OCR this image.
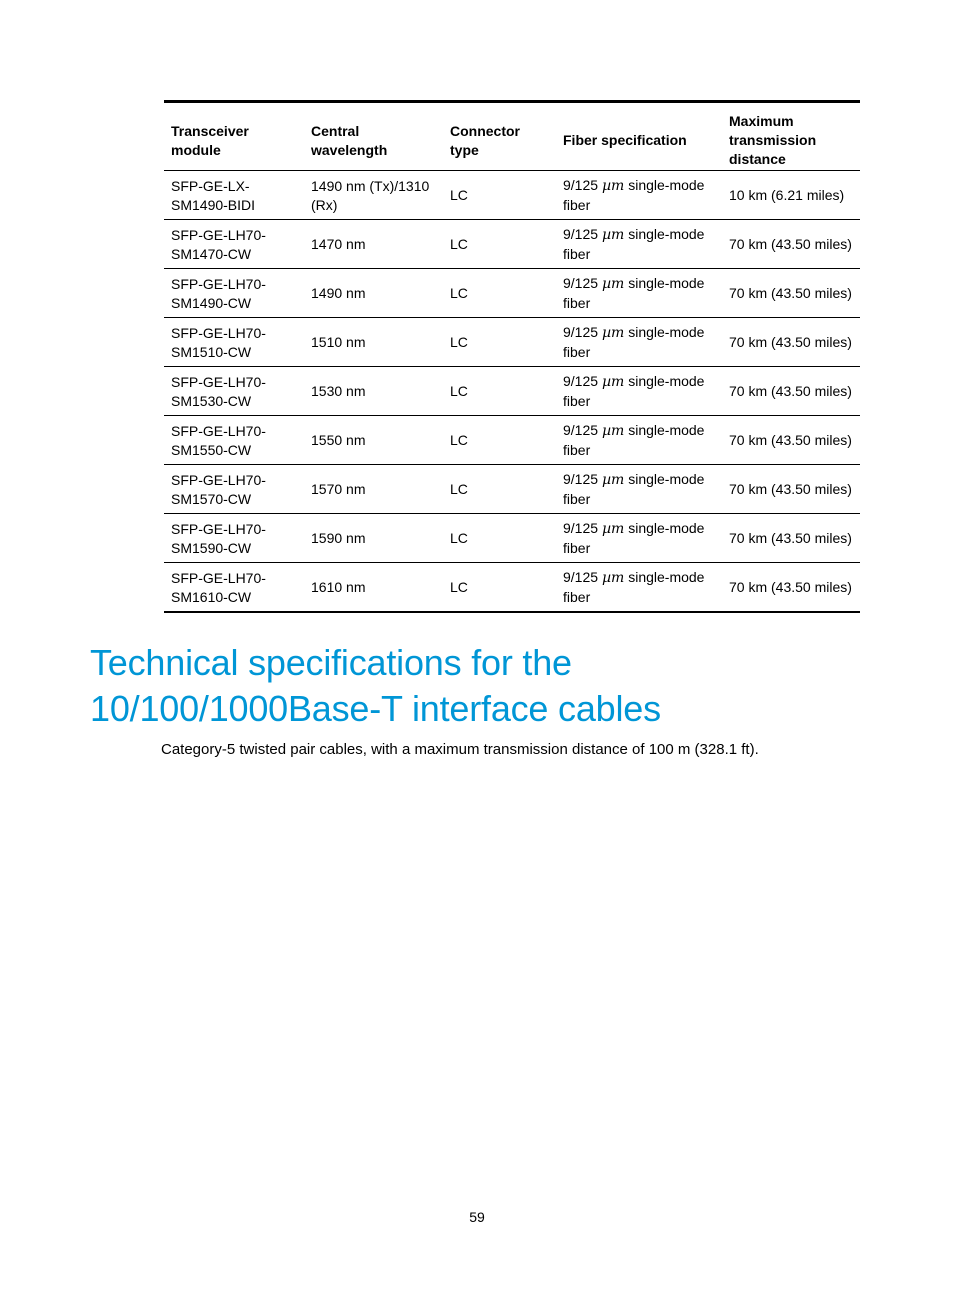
Transceiver module	Central wavelength	Connector type	Fiber specification	Maximum transmission distance
SFP-GE-LX-SM1490-BIDI	1490 nm (Tx)/1310 (Rx)	LC	9/125 µm single-mode fiber	10 km (6.21 miles)
SFP-GE-LH70-SM1470-CW	1470 nm	LC	9/125 µm single-mode fiber	70 km (43.50 miles)
SFP-GE-LH70-SM1490-CW	1490 nm	LC	9/125 µm single-mode fiber	70 km (43.50 miles)
SFP-GE-LH70-SM1510-CW	1510 nm	LC	9/125 µm single-mode fiber	70 km (43.50 miles)
SFP-GE-LH70-SM1530-CW	1530 nm	LC	9/125 µm single-mode fiber	70 km (43.50 miles)
SFP-GE-LH70-SM1550-CW	1550 nm	LC	9/125 µm single-mode fiber	70 km (43.50 miles)
SFP-GE-LH70-SM1570-CW	1570 nm	LC	9/125 µm single-mode fiber	70 km (43.50 miles)
SFP-GE-LH70-SM1590-CW	1590 nm	LC	9/125 µm single-mode fiber	70 km (43.50 miles)
SFP-GE-LH70-SM1610-CW	1610 nm	LC	9/125 µm single-mode fiber	70 km (43.50 miles)
Technical specifications for the 10/100/1000Base-T interface cables

Category-5 twisted pair cables, with a maximum transmission distance of 100 m (328.1 ft).

59
